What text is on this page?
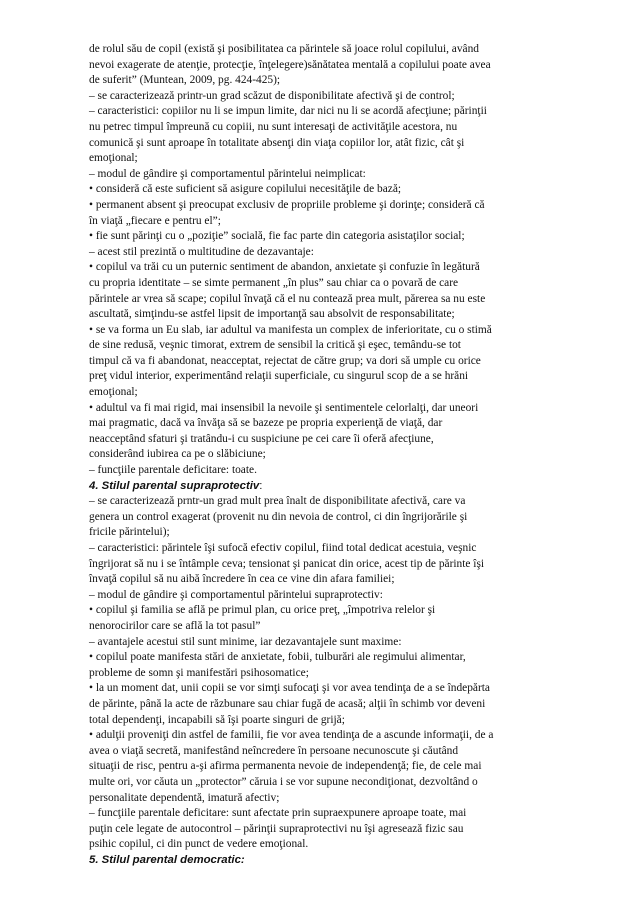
de rolul său de copil (există şi posibilitatea ca părintele să joace rolul copilului, având
nevoi exagerate de atenţie, protecţie, înţelegere)sănătatea mentală a copilului poate avea
de suferit” (Muntean, 2009, pg. 424-425);
– se caracterizează printr-un grad scăzut de disponibilitate afectivă şi de control;
– caracteristici: copiilor nu li se impun limite, dar nici nu li se acordă afecţiune; părinţii
nu petrec timpul împreună cu copiii, nu sunt interesaţi de activităţile acestora, nu
comunică şi sunt aproape în totalitate absenţi din viaţa copiilor lor, atât fizic, cât şi
emoţional;
– modul de gândire şi comportamentul părintelui neimplicat:
• consideră că este suficient să asigure copilului necesităţile de bază;
• permanent absent şi preocupat exclusiv de propriile probleme şi dorinţe; consideră că
în viaţă „fiecare e pentru el”;
• fie sunt părinţi cu o „poziţie” socială, fie fac parte din categoria asistaţilor social;
– acest stil prezintă o multitudine de dezavantaje:
• copilul va trăi cu un puternic sentiment de abandon, anxietate şi confuzie în legătură
cu propria identitate – se simte permanent „în plus” sau chiar ca o povară de care
părintele ar vrea să scape; copilul învaţă că el nu contează prea mult, părerea sa nu este
ascultată, simţindu-se astfel lipsit de importanţă sau absolvit de responsabilitate;
• se va forma un Eu slab, iar adultul va manifesta un complex de inferioritate, cu o stimă
de sine redusă, veşnic timorat, extrem de sensibil la critică şi eşec, temându-se tot
timpul că va fi abandonat, neacceptat, rejectat de către grup; va dori să umple cu orice
preţ vidul interior, experimentând relaţii superficiale, cu singurul scop de a se hrăni
emoţional;
• adultul va fi mai rigid, mai insensibil la nevoile şi sentimentele celorlalţi, dar uneori
mai pragmatic, dacă va învăţa să se bazeze pe propria experienţă de viaţă, dar
neacceptând sfaturi şi tratându-i cu suspiciune pe cei care îi oferă afecţiune,
considerând iubirea ca pe o slăbiciune;
– funcţiile parentale deficitare: toate.
4. Stilul parental supraprotectiv:
– se caracterizează prntr-un grad mult prea înalt de disponibilitate afectivă, care va
genera un control exagerat (provenit nu din nevoia de control, ci din îngrijorările şi
fricile părintelui);
– caracteristici: părintele îşi sufocă efectiv copilul, fiind total dedicat acestuia, veşnic
îngrijorat să nu i se întâmple ceva; tensionat şi panicat din orice, acest tip de părinte îşi
învaţă copilul să nu aibă încredere în cea ce vine din afara familiei;
– modul de gândire şi comportamentul părintelui supraprotectiv:
• copilul şi familia se află pe primul plan, cu orice preţ, „împotriva relelor şi
nenorocirilor care se află la tot pasul”
– avantajele acestui stil sunt minime, iar dezavantajele sunt maxime:
• copilul poate manifesta stări de anxietate, fobii, tulburări ale regimului alimentar,
probleme de somn şi manifestări psihosomatice;
• la un moment dat, unii copii se vor simţi sufocaţi şi vor avea tendinţa de a se îndepărta
de părinte, până la acte de răzbunare sau chiar fugă de acasă; alţii în schimb vor deveni
total dependenţi, incapabili să îşi poarte singuri de grijă;
• adulţii proveniţi din astfel de familii, fie vor avea tendinţa de a ascunde informaţii, de a
avea o viaţă secretă, manifestând neîncredere în persoane necunoscute şi căutând
situaţii de risc, pentru a-şi afirma permanenta nevoie de independenţă; fie, de cele mai
multe ori, vor căuta un „protector” căruia i se vor supune necondiţionat, dezvoltând o
personalitate dependentă, imatură afectiv;
– funcţiile parentale deficitare: sunt afectate prin supraexpunere aproape toate, mai
puţin cele legate de autocontrol – părinţii supraprotectivi nu îşi agresează fizic sau
psihic copilul, ci din punct de vedere emoţional.
5. Stilul parental democratic:
